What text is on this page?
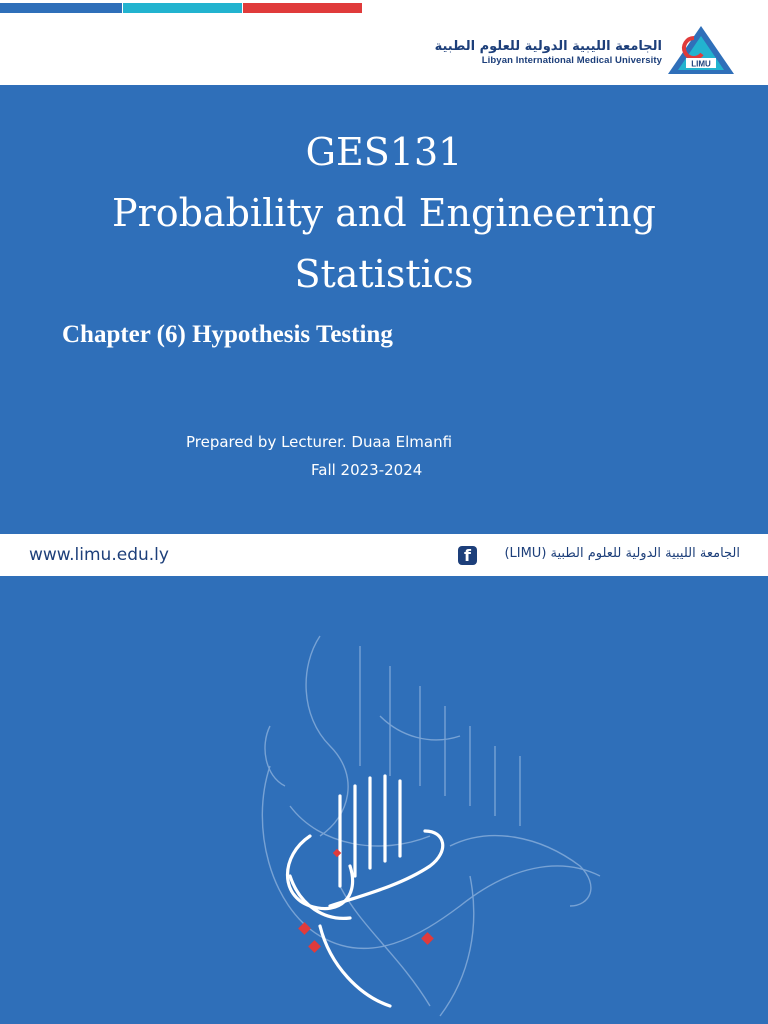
الجامعة الليبية الدولية للعلوم الطبية
Libyan International Medical University	LIMU
GES131
Probability and Engineering
Statistics
Chapter (6) Hypothesis Testing
Prepared by Lecturer. Duaa Elmanfi
Fall 2023-2024
www.limu.edu.ly	f	الجامعة الليبية الدولية للعلوم الطبية (LIMU)
